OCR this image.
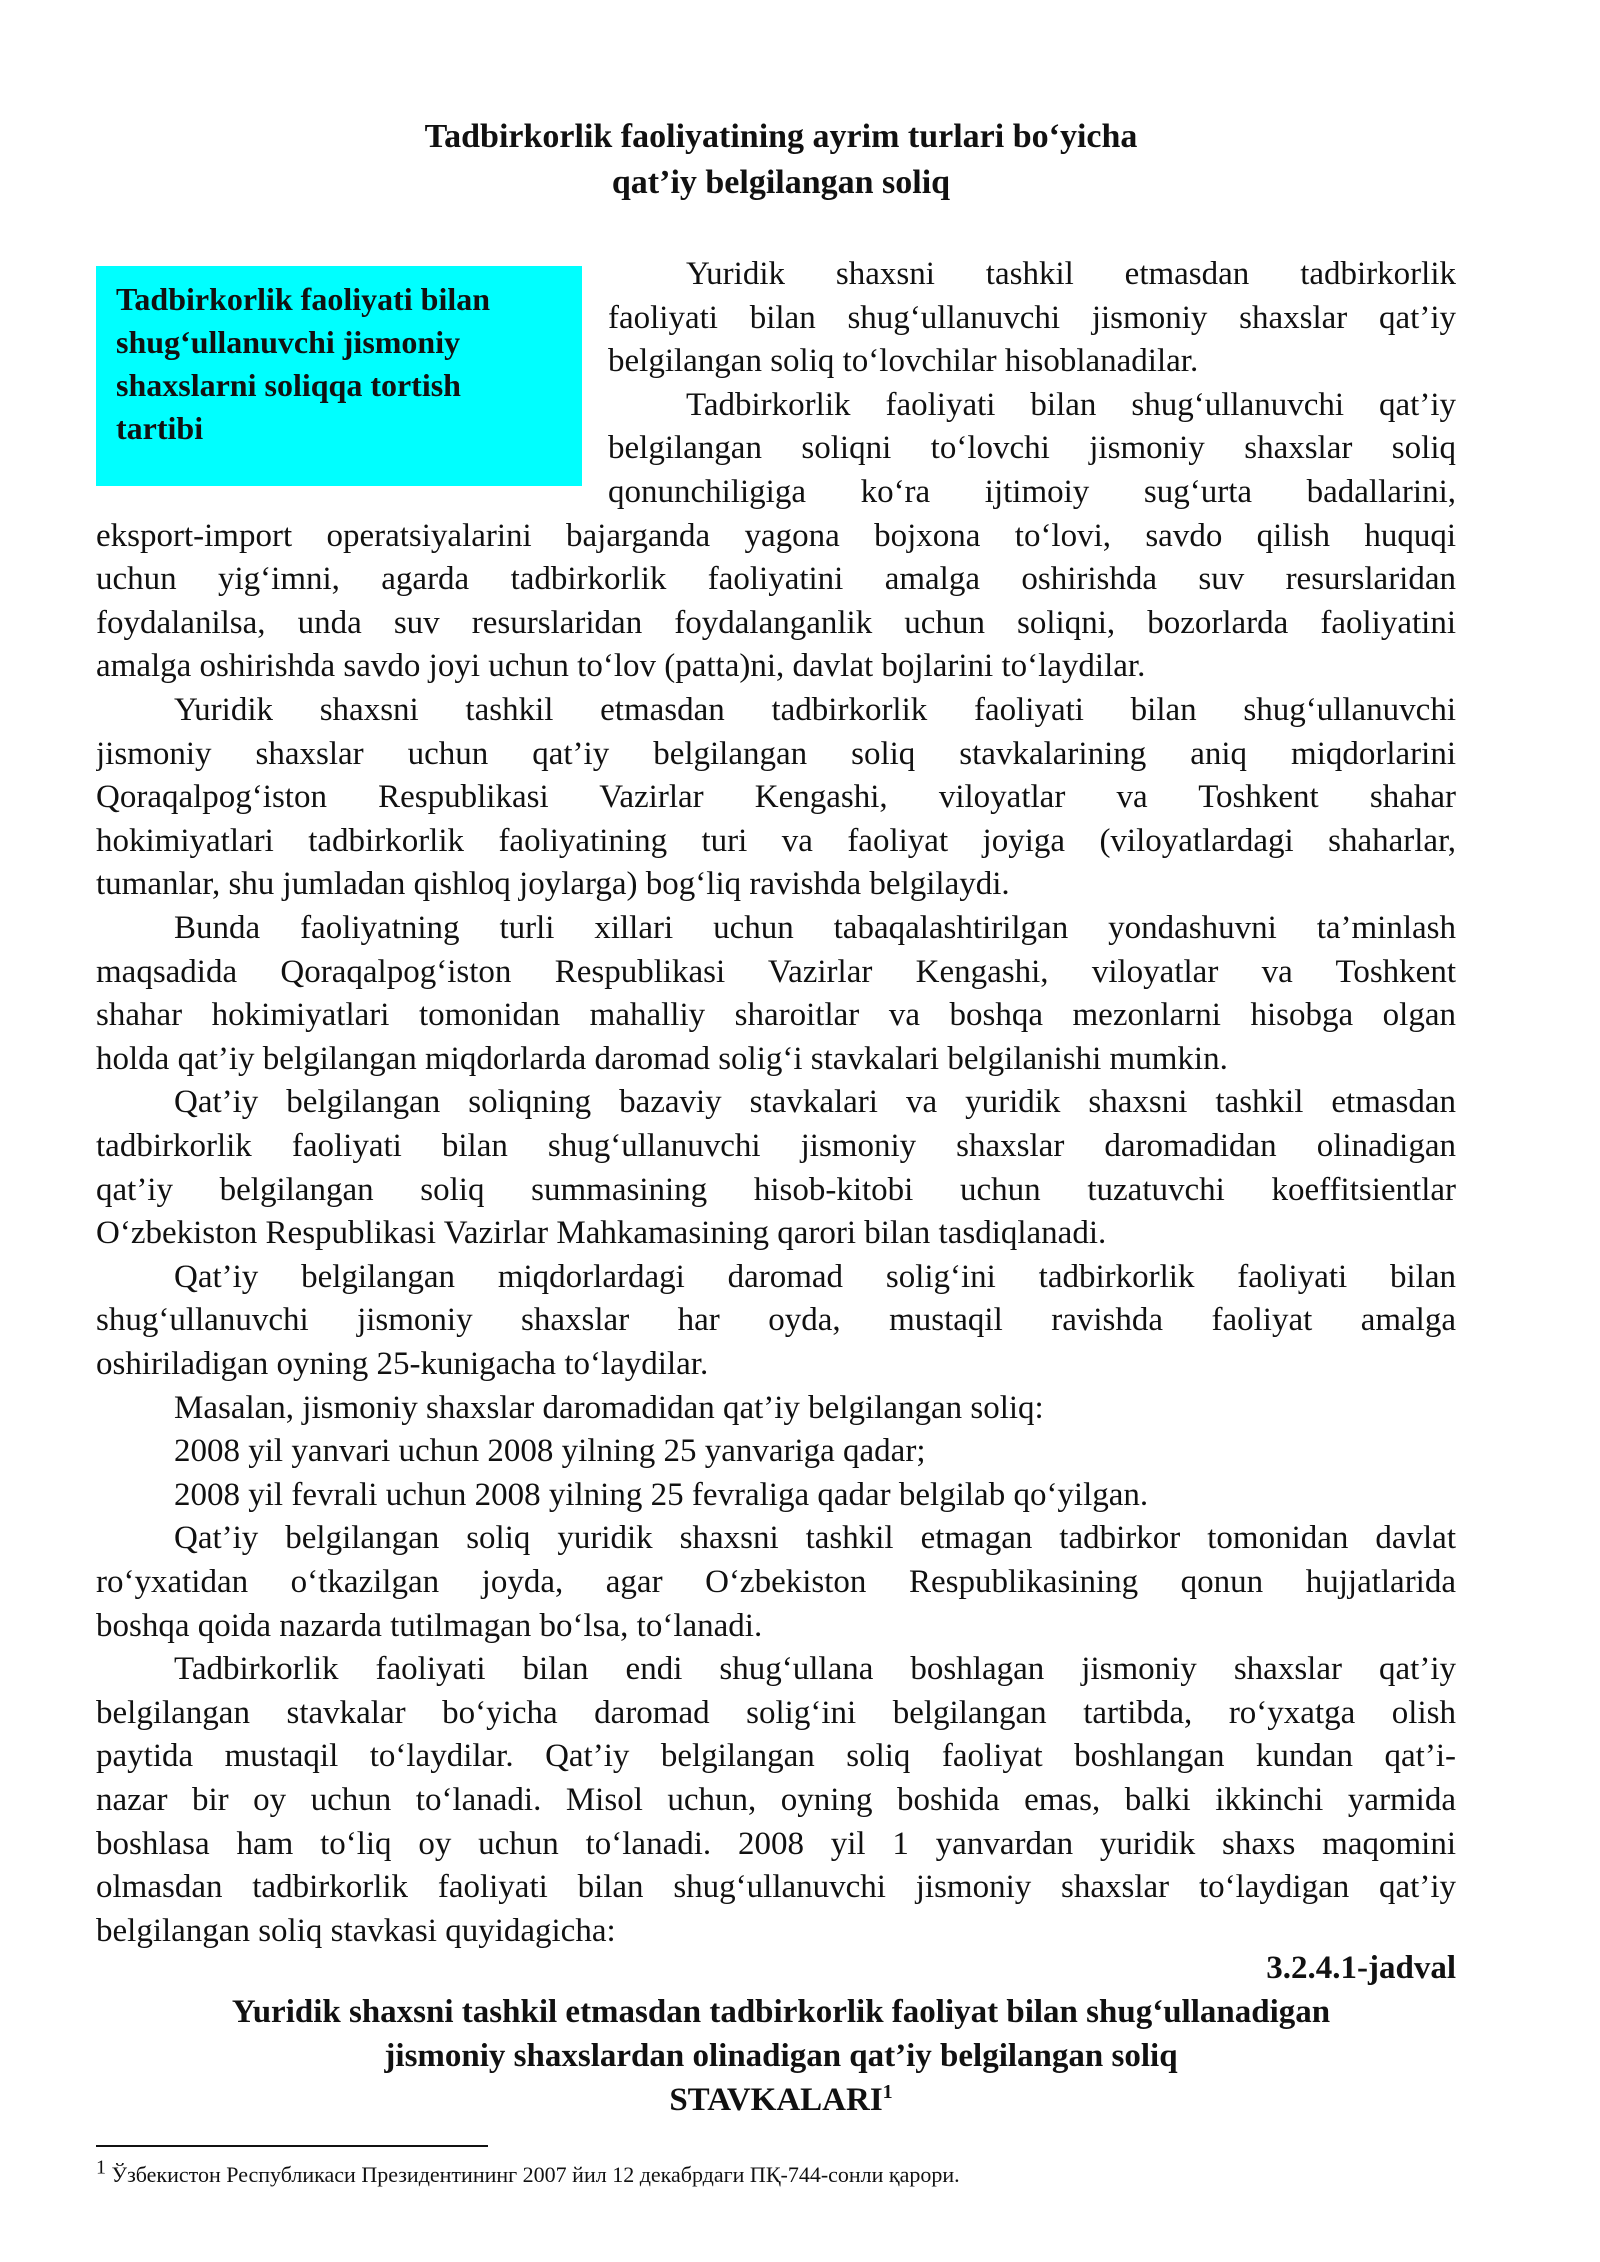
Tadbirkorlik faoliyatining ayrim turlari bo‘yicha
qat’iy belgilangan soliq
Tadbirkorlik faoliyati bilan
shug‘ullanuvchi jismoniy
shaxslarni soliqqa tortish
tartibi
Yuridik shaxsni tashkil etmasdan tadbirkorlik
faoliyati bilan shug‘ullanuvchi jismoniy shaxslar qat’iy
belgilangan soliq to‘lovchilar hisoblanadilar.
Tadbirkorlik faoliyati bilan shug‘ullanuvchi qat’iy
belgilangan soliqni to‘lovchi jismoniy shaxslar soliq
qonunchiligiga ko‘ra ijtimoiy sug‘urta badallarini,
eksport-import operatsiyalarini bajarganda yagona bojxona to‘lovi, savdo qilish huquqi
uchun yig‘imni, agarda tadbirkorlik faoliyatini amalga oshirishda suv resurslaridan
foydalanilsa, unda suv resurslaridan foydalanganlik uchun soliqni, bozorlarda faoliyatini
amalga oshirishda savdo joyi uchun to‘lov (patta)ni, davlat bojlarini to‘laydilar.
Yuridik shaxsni tashkil etmasdan tadbirkorlik faoliyati bilan shug‘ullanuvchi
jismoniy shaxslar uchun qat’iy belgilangan soliq stavkalarining aniq miqdorlarini
Qoraqalpog‘iston Respublikasi Vazirlar Kengashi, viloyatlar va Toshkent shahar
hokimiyatlari tadbirkorlik faoliyatining turi va faoliyat joyiga (viloyatlardagi shaharlar,
tumanlar, shu jumladan qishloq joylarga) bog‘liq ravishda belgilaydi.
Bunda faoliyatning turli xillari uchun tabaqalashtirilgan yondashuvni ta’minlash
maqsadida Qoraqalpog‘iston Respublikasi Vazirlar Kengashi, viloyatlar va Toshkent
shahar hokimiyatlari tomonidan mahalliy sharoitlar va boshqa mezonlarni hisobga olgan
holda qat’iy belgilangan miqdorlarda daromad solig‘i stavkalari belgilanishi mumkin.
Qat’iy belgilangan soliqning bazaviy stavkalari va yuridik shaxsni tashkil etmasdan
tadbirkorlik faoliyati bilan shug‘ullanuvchi jismoniy shaxslar daromadidan olinadigan
qat’iy belgilangan soliq summasining hisob-kitobi uchun tuzatuvchi koeffitsientlar
O‘zbekiston Respublikasi Vazirlar Mahkamasining qarori bilan tasdiqlanadi.
Qat’iy belgilangan miqdorlardagi daromad solig‘ini tadbirkorlik faoliyati bilan
shug‘ullanuvchi jismoniy shaxslar har oyda, mustaqil ravishda faoliyat amalga
oshiriladigan oyning 25-kunigacha to‘laydilar.
Masalan, jismoniy shaxslar daromadidan qat’iy belgilangan soliq:
2008 yil yanvari uchun 2008 yilning 25 yanvariga qadar;
2008 yil fevrali uchun 2008 yilning 25 fevraliga qadar belgilab qo‘yilgan.
Qat’iy belgilangan soliq yuridik shaxsni tashkil etmagan tadbirkor tomonidan davlat
ro‘yxatidan o‘tkazilgan joyda, agar O‘zbekiston Respublikasining qonun hujjatlarida
boshqa qoida nazarda tutilmagan bo‘lsa, to‘lanadi.
Tadbirkorlik faoliyati bilan endi shug‘ullana boshlagan jismoniy shaxslar qat’iy
belgilangan stavkalar bo‘yicha daromad solig‘ini belgilangan tartibda, ro‘yxatga olish
paytida mustaqil to‘laydilar. Qat’iy belgilangan soliq faoliyat boshlangan kundan qat’i-
nazar bir oy uchun to‘lanadi. Misol uchun, oyning boshida emas, balki ikkinchi yarmida
boshlasa ham to‘liq oy uchun to‘lanadi. 2008 yil 1 yanvardan yuridik shaxs maqomini
olmasdan tadbirkorlik faoliyati bilan shug‘ullanuvchi jismoniy shaxslar to‘laydigan qat’iy
belgilangan soliq stavkasi quyidagicha:
3.2.4.1-jadval
Yuridik shaxsni tashkil etmasdan tadbirkorlik faoliyat bilan shug‘ullanadigan
jismoniy shaxslardan olinadigan qat’iy belgilangan soliq
STAVKALARI$^1$
$^1$ Ўзбекистон Республикаси Президентининг 2007 йил 12 декабрдаги ПҚ-744-сонли қарори.
